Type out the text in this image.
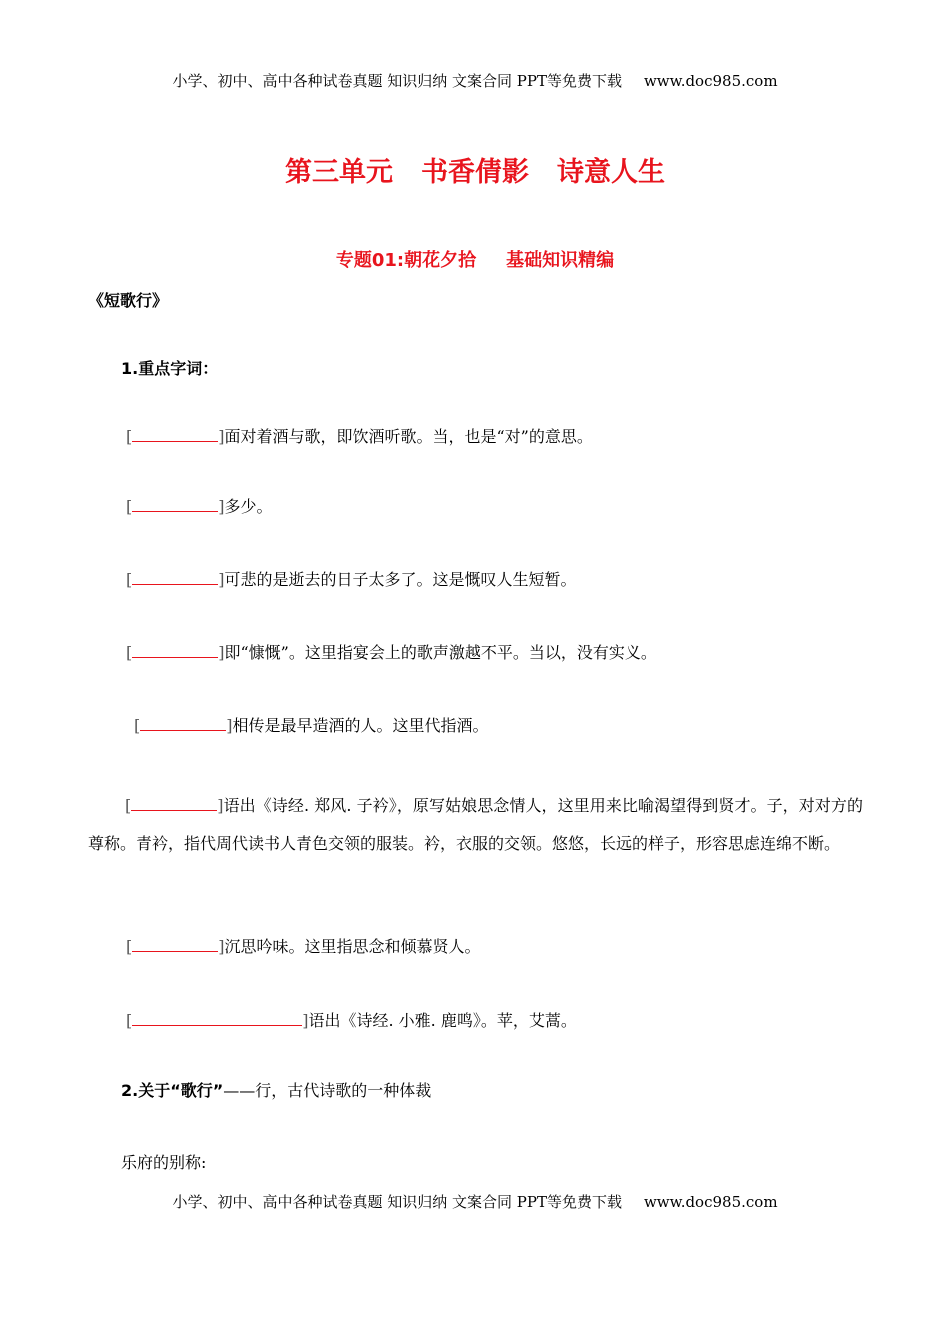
小学、初中、高中各种试卷真题 知识归纳 文案合同 PPT等免费下载 www.doc985.com
第三单元 书香倩影 诗意人生
专题01:朝花夕拾 基础知识精编
《短歌行》
1.重点字词：
[	]面对着酒与歌，即饮酒听歌。当，也是“对”的意思。
[	]多少。
[	]可悲的是逝去的日子太多了。这是慨叹人生短暂。
[	]即“慷慨”。这里指宴会上的歌声激越不平。当以，没有实义。
[	]相传是最早造酒的人。这里代指酒。
[	]语出《诗经. 郑风. 子衿》，原写姑娘思念情人，这里用来比喻渴望得到贤才。子，对对方的尊称。青衿，指代周代读书人青色交领的服装。衿，衣服的交领。悠悠，长远的样子，形容思虑连绵不断。
[	]沉思吟味。这里指思念和倾慕贤人。
[	]语出《诗经. 小雅. 鹿鸣》。苹，艾蒿。
2.关于“歌行”——行，古代诗歌的一种体裁
乐府的别称:
小学、初中、高中各种试卷真题 知识归纳 文案合同 PPT等免费下载 www.doc985.com
